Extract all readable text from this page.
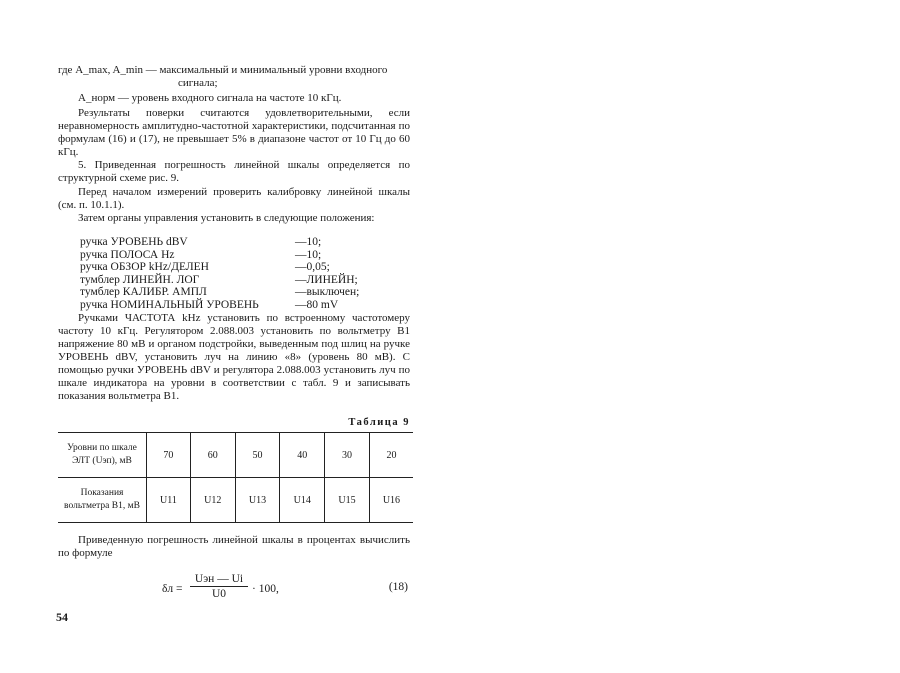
где A_max, A_min — максимальный и минимальный уровни входного
сигнала;
A_норм — уровень входного сигнала на частоте 10 кГц.
Результаты поверки считаются удовлетворительными, если неравномерность амплитудно-частотной характеристики, подсчитанная по формулам (16) и (17), не превышает 5% в диапазоне частот от 10 Гц до 60 кГц.
5. Приведенная погрешность линейной шкалы определяется по структурной схеме рис. 9.
Перед началом измерений проверить калибровку линейной шкалы (см. п. 10.1.1).
Затем органы управления установить в следующие положения:
ручка УРОВЕНЬ dBV	—10;
ручка ПОЛОСА Hz	—10;
ручка ОБЗОР kHz/ДЕЛЕН	—0,05;
тумблер ЛИНЕЙН. ЛОГ	—ЛИНЕЙН;
тумблер КАЛИБР. АМПЛ	—выключен;
ручка НОМИНАЛЬНЫЙ УРОВЕНЬ	—80 mV
Ручками ЧАСТОТА kHz установить по встроенному частотомеру частоту 10 кГц. Регулятором 2.088.003 установить по вольтметру B1 напряжение 80 мВ и органом подстройки, выведенным под шлиц на ручке УРОВЕНЬ dBV, установить луч на линию «8» (уровень 80 мВ). С помощью ручки УРОВЕНЬ dBV и регулятора 2.088.003 установить луч по шкале индикатора на уровни в соответствии с табл. 9 и записывать показания вольтметра B1.
Таблица 9
Уровни по шкале
ЭЛТ (Uэп), мВ	70	60	50	40	30	20

Показания
вольтметра B1, мВ	U11	U12	U13	U14	U15	U16
Приведенную погрешность линейной шкалы в процентах вычислить по формуле
δл =
Uэн — Ui
U0	· 100,	(18)
54
